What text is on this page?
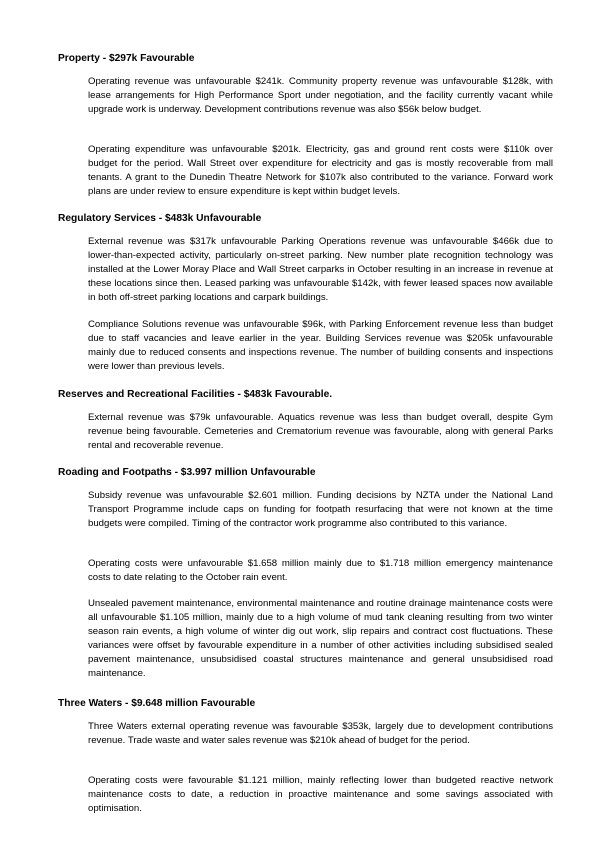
Property - $297k Favourable

Operating revenue was unfavourable $241k. Community property revenue was unfavourable $128k, with lease arrangements for High Performance Sport under negotiation, and the facility currently vacant while upgrade work is underway. Development contributions revenue was also $56k below budget.

Operating expenditure was unfavourable $201k. Electricity, gas and ground rent costs were $110k over budget for the period. Wall Street over expenditure for electricity and gas is mostly recoverable from mall tenants. A grant to the Dunedin Theatre Network for $107k also contributed to the variance. Forward work plans are under review to ensure expenditure is kept within budget levels.

Regulatory Services - $483k Unfavourable

External revenue was $317k unfavourable Parking Operations revenue was unfavourable $466k due to lower-than-expected activity, particularly on-street parking. New number plate recognition technology was installed at the Lower Moray Place and Wall Street carparks in October resulting in an increase in revenue at these locations since then. Leased parking was unfavourable $142k, with fewer leased spaces now available in both off-street parking locations and carpark buildings.

Compliance Solutions revenue was unfavourable $96k, with Parking Enforcement revenue less than budget due to staff vacancies and leave earlier in the year. Building Services revenue was $205k unfavourable mainly due to reduced consents and inspections revenue. The number of building consents and inspections were lower than previous levels.

Reserves and Recreational Facilities - $483k Favourable.

External revenue was $79k unfavourable. Aquatics revenue was less than budget overall, despite Gym revenue being favourable. Cemeteries and Crematorium revenue was favourable, along with general Parks rental and recoverable revenue.

Roading and Footpaths - $3.997 million Unfavourable

Subsidy revenue was unfavourable $2.601 million. Funding decisions by NZTA under the National Land Transport Programme include caps on funding for footpath resurfacing that were not known at the time budgets were compiled. Timing of the contractor work programme also contributed to this variance.

Operating costs were unfavourable $1.658 million mainly due to $1.718 million emergency maintenance costs to date relating to the October rain event.

Unsealed pavement maintenance, environmental maintenance and routine drainage maintenance costs were all unfavourable $1.105 million, mainly due to a high volume of mud tank cleaning resulting from two winter season rain events, a high volume of winter dig out work, slip repairs and contract cost fluctuations. These variances were offset by favourable expenditure in a number of other activities including subsidised sealed pavement maintenance, unsubsidised coastal structures maintenance and general unsubsidised road maintenance.

Three Waters - $9.648 million Favourable

Three Waters external operating revenue was favourable $353k, largely due to development contributions revenue. Trade waste and water sales revenue was $210k ahead of budget for the period.

Operating costs were favourable $1.121 million, mainly reflecting lower than budgeted reactive network maintenance costs to date, a reduction in proactive maintenance and some savings associated with optimisation.
